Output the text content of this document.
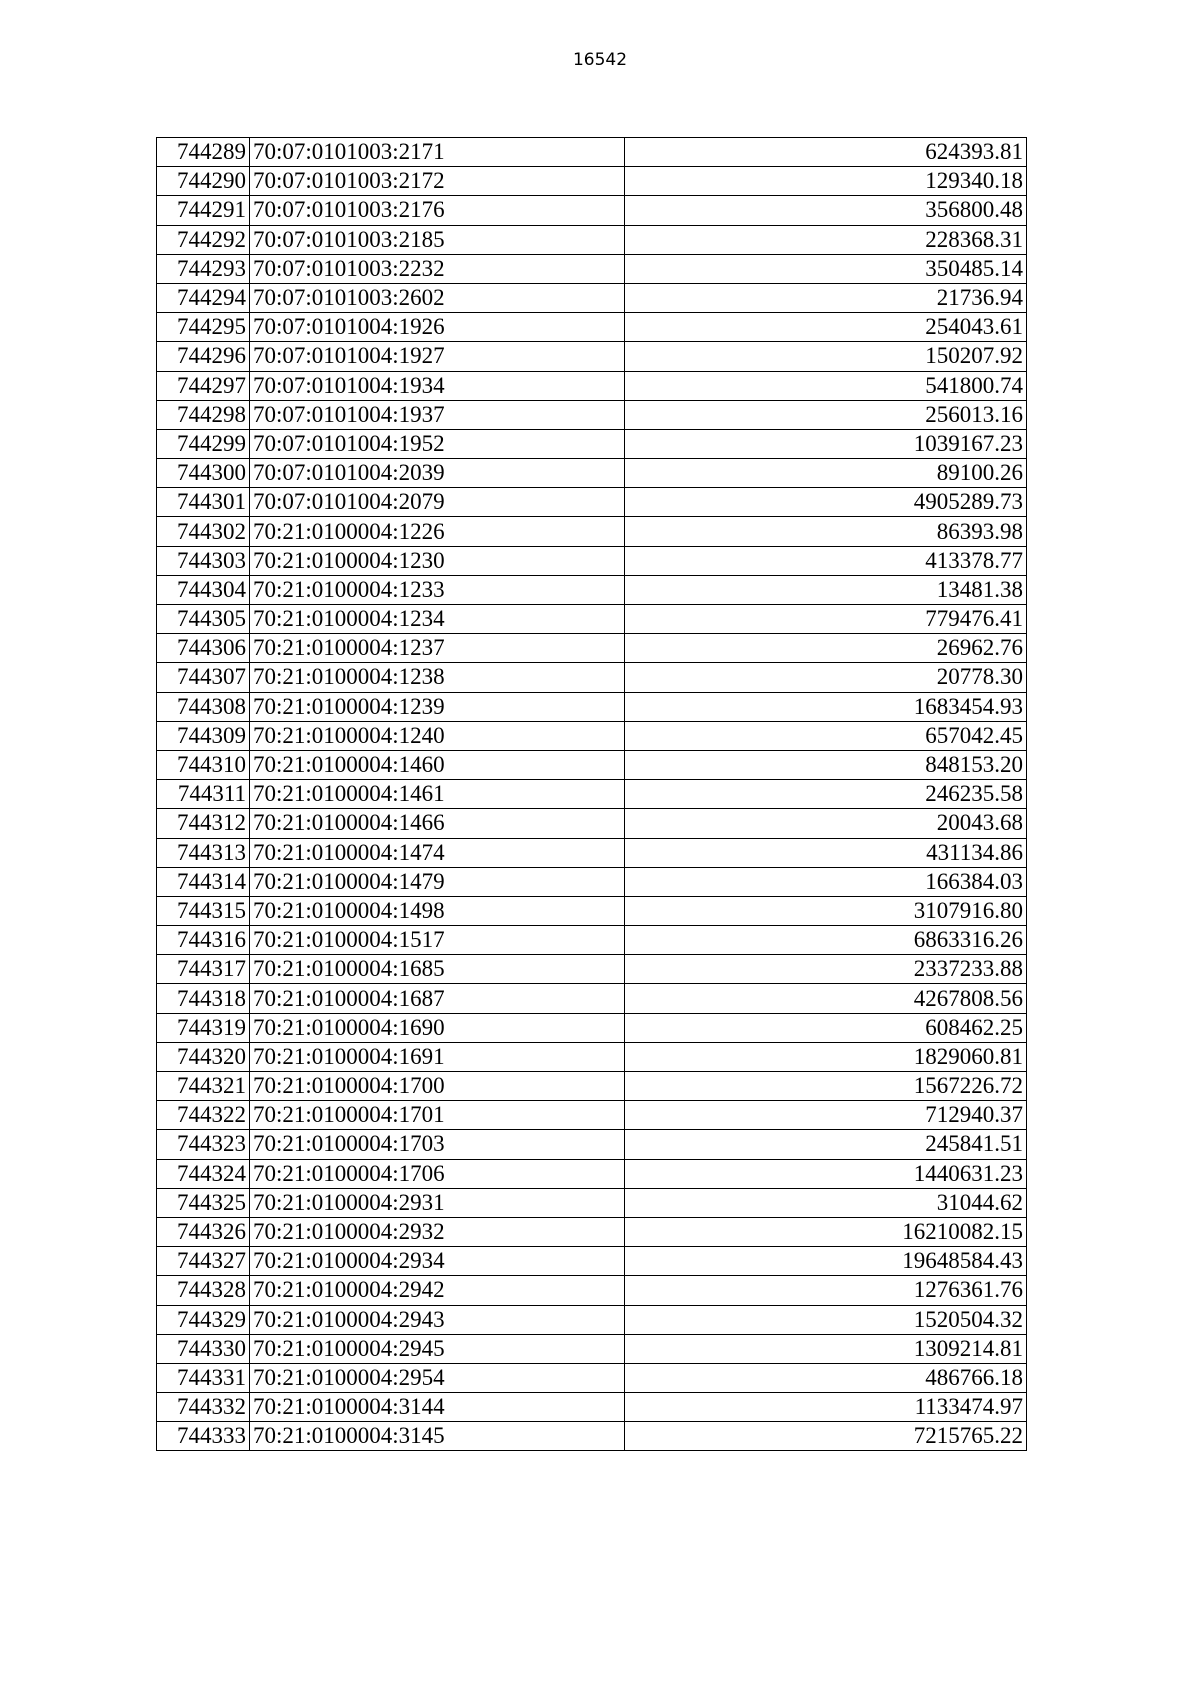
16542
744289	70:07:0101003:2171	624393.81
744290	70:07:0101003:2172	129340.18
744291	70:07:0101003:2176	356800.48
744292	70:07:0101003:2185	228368.31
744293	70:07:0101003:2232	350485.14
744294	70:07:0101003:2602	21736.94
744295	70:07:0101004:1926	254043.61
744296	70:07:0101004:1927	150207.92
744297	70:07:0101004:1934	541800.74
744298	70:07:0101004:1937	256013.16
744299	70:07:0101004:1952	1039167.23
744300	70:07:0101004:2039	89100.26
744301	70:07:0101004:2079	4905289.73
744302	70:21:0100004:1226	86393.98
744303	70:21:0100004:1230	413378.77
744304	70:21:0100004:1233	13481.38
744305	70:21:0100004:1234	779476.41
744306	70:21:0100004:1237	26962.76
744307	70:21:0100004:1238	20778.30
744308	70:21:0100004:1239	1683454.93
744309	70:21:0100004:1240	657042.45
744310	70:21:0100004:1460	848153.20
744311	70:21:0100004:1461	246235.58
744312	70:21:0100004:1466	20043.68
744313	70:21:0100004:1474	431134.86
744314	70:21:0100004:1479	166384.03
744315	70:21:0100004:1498	3107916.80
744316	70:21:0100004:1517	6863316.26
744317	70:21:0100004:1685	2337233.88
744318	70:21:0100004:1687	4267808.56
744319	70:21:0100004:1690	608462.25
744320	70:21:0100004:1691	1829060.81
744321	70:21:0100004:1700	1567226.72
744322	70:21:0100004:1701	712940.37
744323	70:21:0100004:1703	245841.51
744324	70:21:0100004:1706	1440631.23
744325	70:21:0100004:2931	31044.62
744326	70:21:0100004:2932	16210082.15
744327	70:21:0100004:2934	19648584.43
744328	70:21:0100004:2942	1276361.76
744329	70:21:0100004:2943	1520504.32
744330	70:21:0100004:2945	1309214.81
744331	70:21:0100004:2954	486766.18
744332	70:21:0100004:3144	1133474.97
744333	70:21:0100004:3145	7215765.22
